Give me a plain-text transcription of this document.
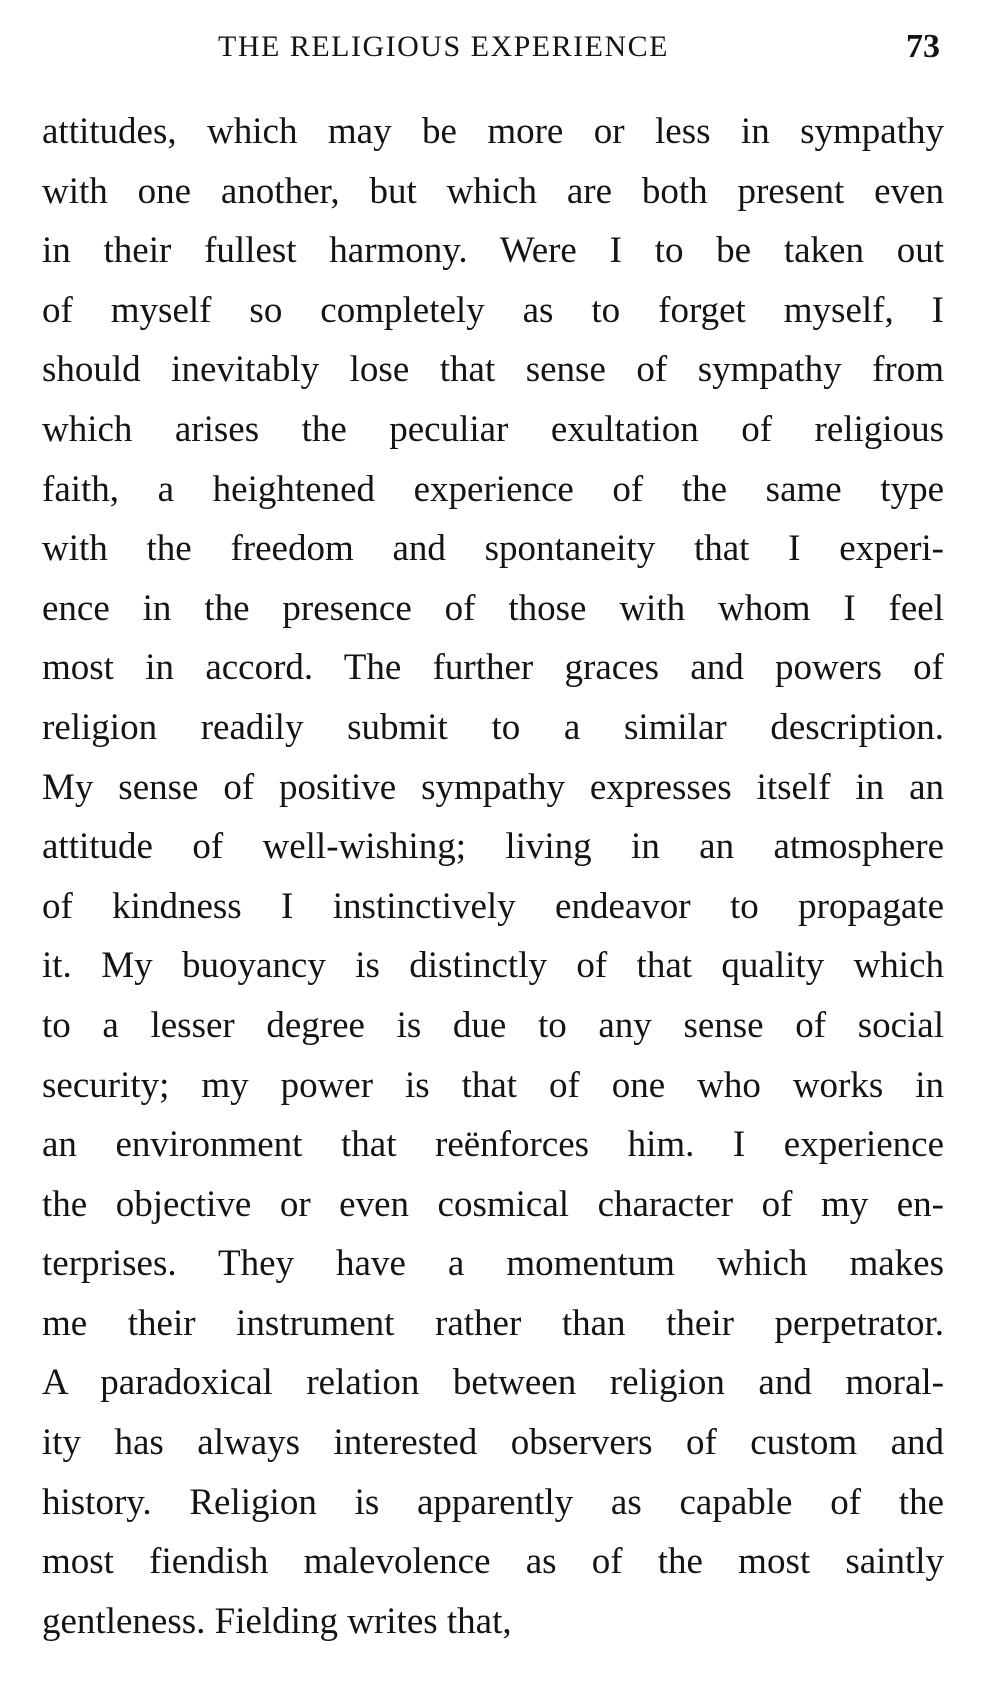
THE RELIGIOUS EXPERIENCE	73
attitudes, which may be more or less in sympathy
with one another, but which are both present even
in their fullest harmony. Were I to be taken out
of myself so completely as to forget myself, I
should inevitably lose that sense of sympathy from
which arises the peculiar exultation of religious
faith, a heightened experience of the same type
with the freedom and spontaneity that I experi-
ence in the presence of those with whom I feel
most in accord. The further graces and powers of
religion readily submit to a similar description.
My sense of positive sympathy expresses itself in an
attitude of well-wishing; living in an atmosphere
of kindness I instinctively endeavor to propagate
it. My buoyancy is distinctly of that quality which
to a lesser degree is due to any sense of social
security; my power is that of one who works in
an environment that reënforces him. I experience
the objective or even cosmical character of my en-
terprises. They have a momentum which makes
me their instrument rather than their perpetrator.
A paradoxical relation between religion and moral-
ity has always interested observers of custom and
history. Religion is apparently as capable of the
most fiendish malevolence as of the most saintly
gentleness. Fielding writes that,
